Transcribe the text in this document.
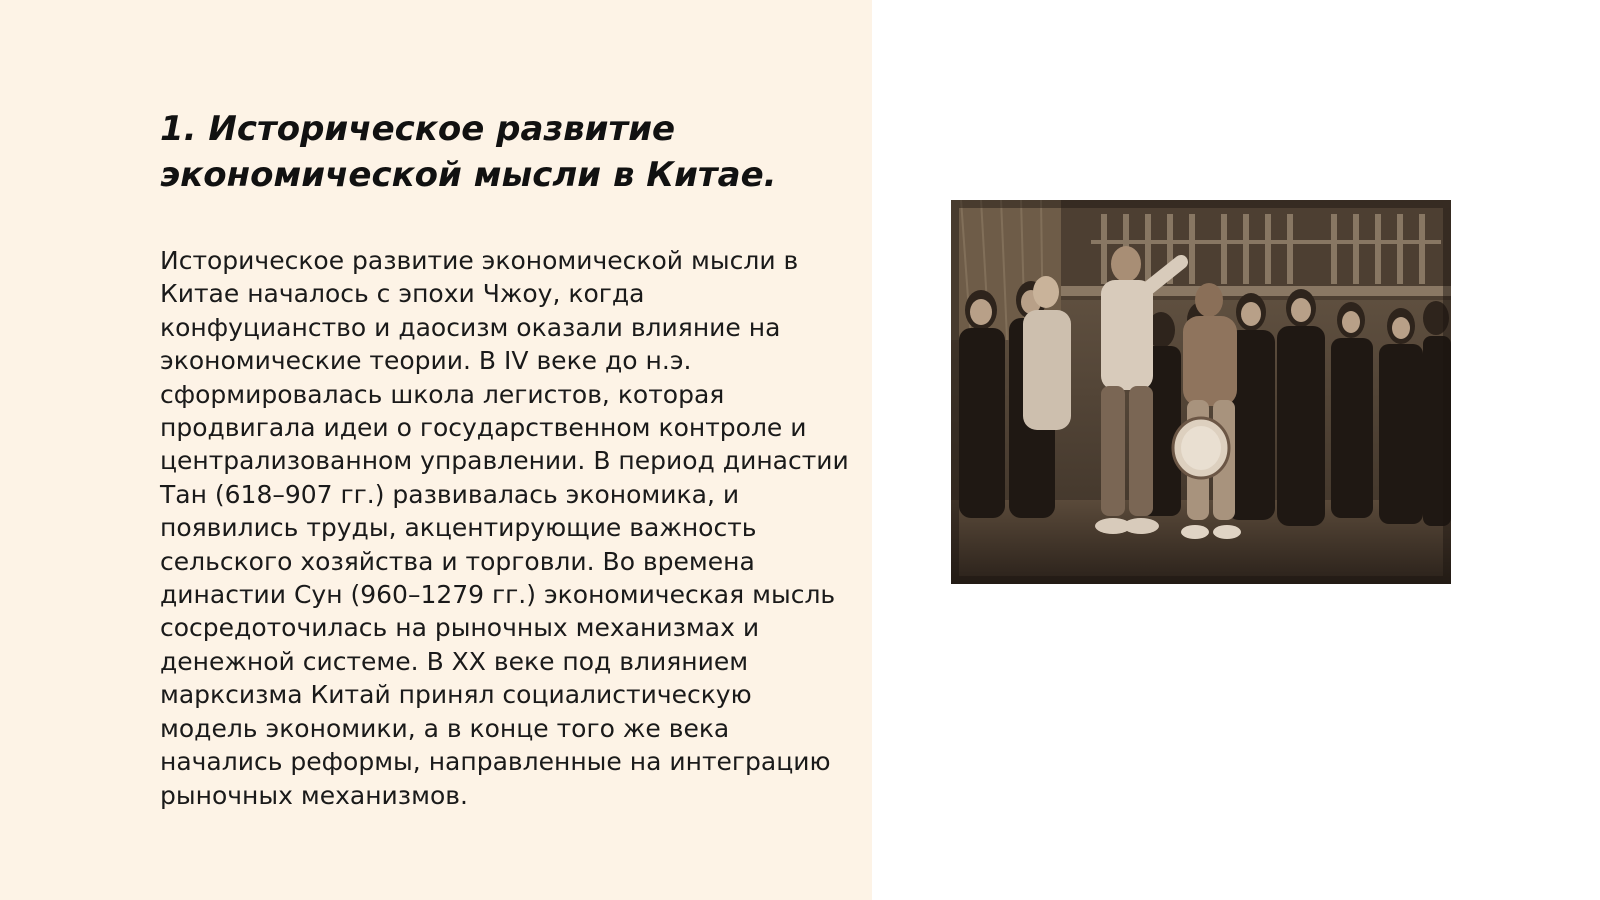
1. Историческое развитие экономической мысли в Китае.

Историческое развитие экономической мысли в Китае началось с эпохи Чжоу, когда конфуцианство и даосизм оказали влияние на экономические теории. В IV веке до н.э. сформировалась школа легистов, которая продвигала идеи о государственном контроле и централизованном управлении. В период династии Тан (618–907 гг.) развивалась экономика, и появились труды, акцентирующие важность сельского хозяйства и торговли. Во времена династии Сун (960–1279 гг.) экономическая мысль сосредоточилась на рыночных механизмах и денежной системе. В XX веке под влиянием марксизма Китай принял социалистическую модель экономики, а в конце того же века начались реформы, направленные на интеграцию рыночных механизмов.
